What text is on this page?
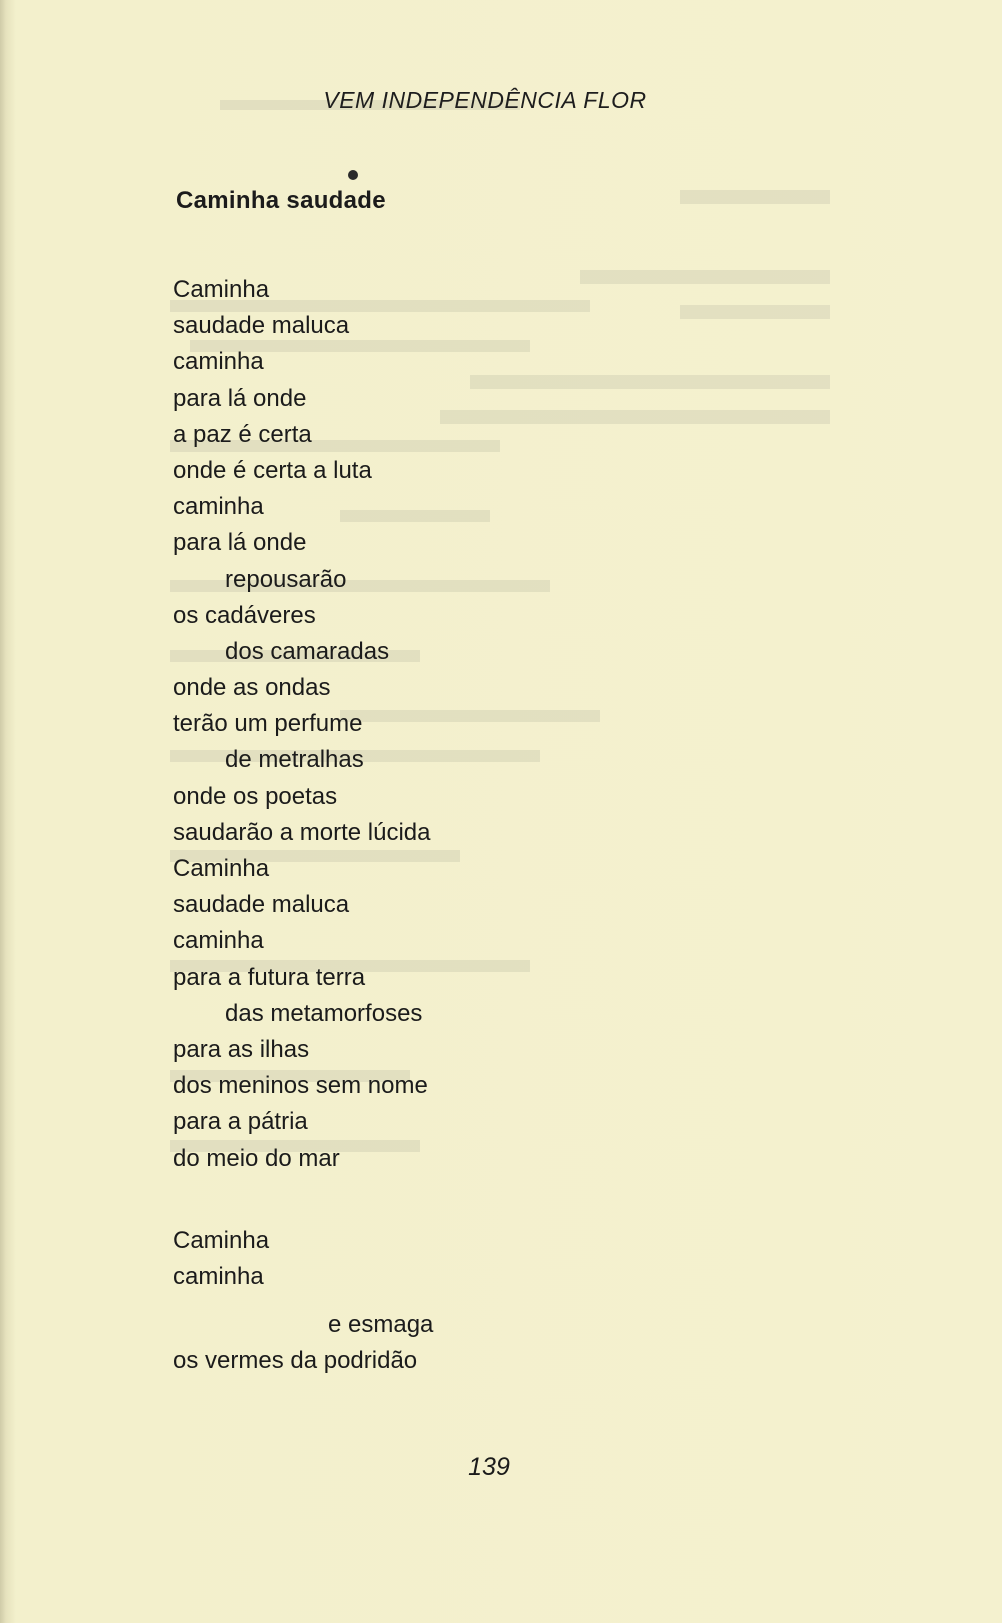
VEM INDEPENDÊNCIA FLOR
Caminha saudade
Caminha
saudade maluca
caminha
para lá onde
a paz é certa
onde é certa a luta
caminha
para lá onde
repousarão
os cadáveres
dos camaradas
onde as ondas
terão um perfume
de metralhas
onde os poetas
saudarão a morte lúcida
Caminha
saudade maluca
caminha
para a futura terra
das metamorfoses
para as ilhas
dos meninos sem nome
para a pátria
do meio do mar
Caminha
caminha
e esmaga
os vermes da podridão
139
